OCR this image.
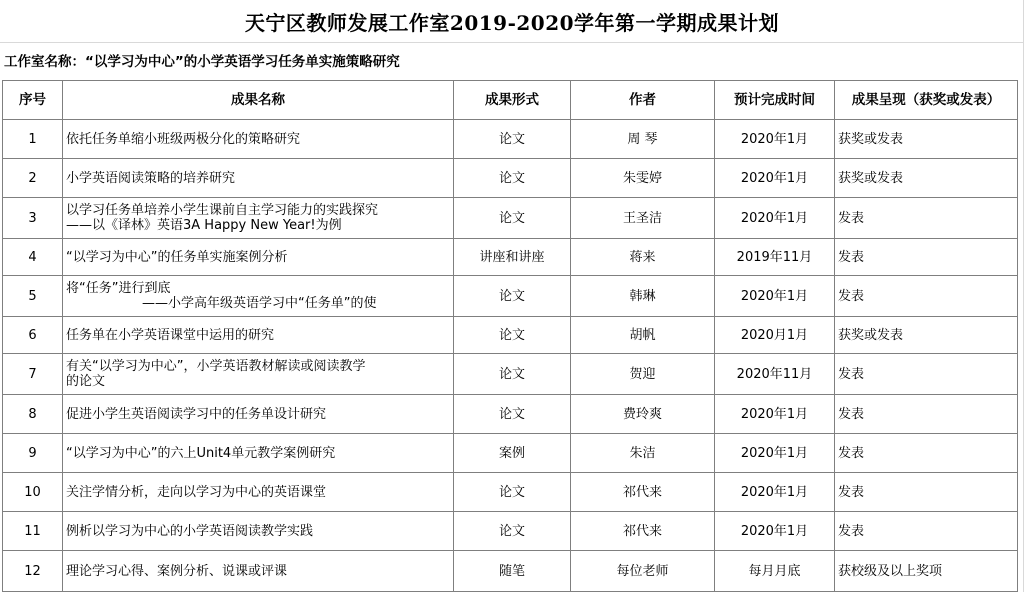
天宁区教师发展工作室2019-2020学年第一学期成果计划
工作室名称：“以学习为中心”的小学英语学习任务单实施策略研究
序号	成果名称	成果形式	作者	预计完成时间	成果呈现（获奖或发表）
1	依托任务单缩小班级两极分化的策略研究	论文	周 琴	2020年1月	获奖或发表
2	小学英语阅读策略的培养研究	论文	朱雯婷	2020年1月	获奖或发表
3	以学习任务单培养小学生课前自主学习能力的实践探究
——以《译林》英语3A Happy New Year!为例	论文	王圣洁	2020年1月	发表
4	“以学习为中心”的任务单实施案例分析	讲座和讲座	蒋来	2019年11月	发表
5	将“任务”进行到底
——小学高年级英语学习中“任务单”的使	论文	韩琳	2020年1月	发表
6	任务单在小学英语课堂中运用的研究	论文	胡帆	2020月1月	获奖或发表
7	有关“以学习为中心”，小学英语教材解读或阅读教学
的论文	论文	贺迎	2020年11月	发表
8	促进小学生英语阅读学习中的任务单设计研究	论文	费玲爽	2020年1月	发表
9	“以学习为中心”的六上Unit4单元教学案例研究	案例	朱洁	2020年1月	发表
10	关注学情分析，走向以学习为中心的英语课堂	论文	祁代来	2020年1月	发表
11	例析以学习为中心的小学英语阅读教学实践	论文	祁代来	2020年1月	发表
12	理论学习心得、案例分析、说课或评课	随笔	每位老师	每月月底	获校级及以上奖项
